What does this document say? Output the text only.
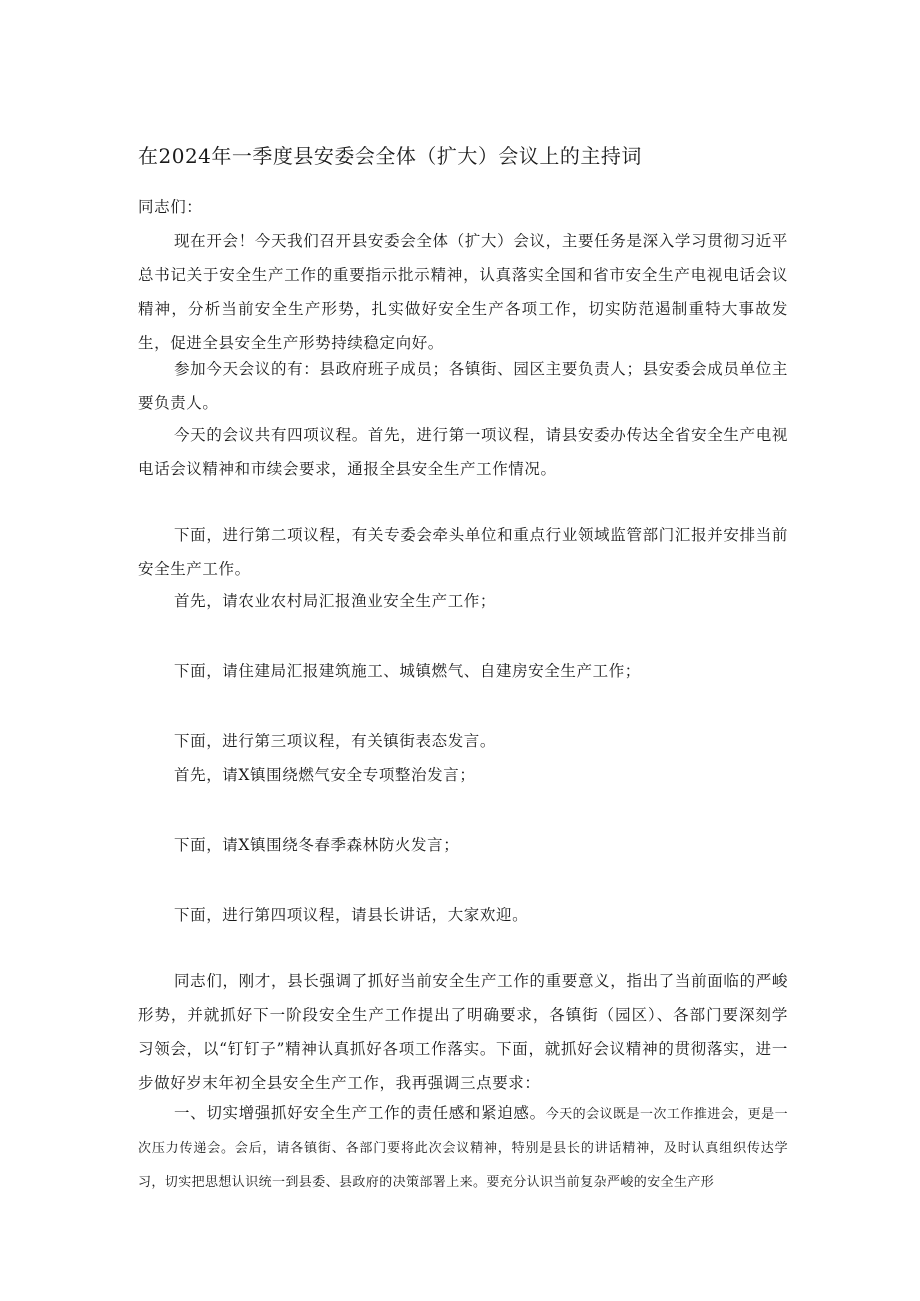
在2024年一季度县安委会全体（扩大）会议上的主持词

同志们：

现在开会！今天我们召开县安委会全体（扩大）会议，主要任务是深入学习贯彻习近平总书记关于安全生产工作的重要指示批示精神，认真落实全国和省市安全生产电视电话会议精神，分析当前安全生产形势，扎实做好安全生产各项工作，切实防范遏制重特大事故发生，促进全县安全生产形势持续稳定向好。

参加今天会议的有：县政府班子成员；各镇街、园区主要负责人；县安委会成员单位主要负责人。

今天的会议共有四项议程。首先，进行第一项议程，请县安委办传达全省安全生产电视电话会议精神和市续会要求，通报全县安全生产工作情况。

下面，进行第二项议程，有关专委会牵头单位和重点行业领域监管部门汇报并安排当前安全生产工作。

首先，请农业农村局汇报渔业安全生产工作；

下面，请住建局汇报建筑施工、城镇燃气、自建房安全生产工作；

下面，进行第三项议程，有关镇街表态发言。

首先，请X镇围绕燃气安全专项整治发言；

下面，请X镇围绕冬春季森林防火发言；

下面，进行第四项议程，请县长讲话，大家欢迎。

同志们，刚才，县长强调了抓好当前安全生产工作的重要意义，指出了当前面临的严峻形势，并就抓好下一阶段安全生产工作提出了明确要求，各镇街（园区）、各部门要深刻学习领会，以“钉钉子”精神认真抓好各项工作落实。下面，就抓好会议精神的贯彻落实，进一步做好岁末年初全县安全生产工作，我再强调三点要求：

一、切实增强抓好安全生产工作的责任感和紧迫感。今天的会议既是一次工作推进会，更是一次压力传递会。会后，请各镇街、各部门要将此次会议精神，特别是县长的讲话精神，及时认真组织传达学习，切实把思想认识统一到县委、县政府的决策部署上来。要充分认识当前复杂严峻的安全生产形
